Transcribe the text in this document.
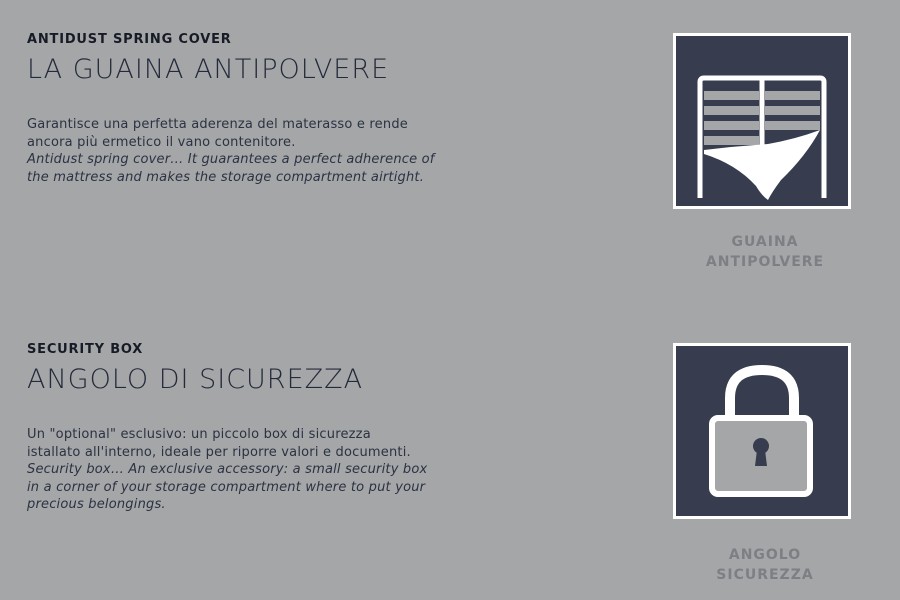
ANTIDUST SPRING COVER

LA GUAINA ANTIPOLVERE

Garantisce una perfetta aderenza del materasso e rende
ancora più ermetico il vano contenitore.

Antidust spring cover… It guarantees a perfect adherence of
the mattress and makes the storage compartment airtight.

GUAINA
ANTIPOLVERE

SECURITY BOX

ANGOLO DI SICUREZZA

Un "optional" esclusivo: un piccolo box di sicurezza
istallato all'interno, ideale per riporre valori e documenti.

Security box… An exclusive accessory: a small security box
in a corner of your storage compartment where to put your
precious belongings.

ANGOLO
SICUREZZA
